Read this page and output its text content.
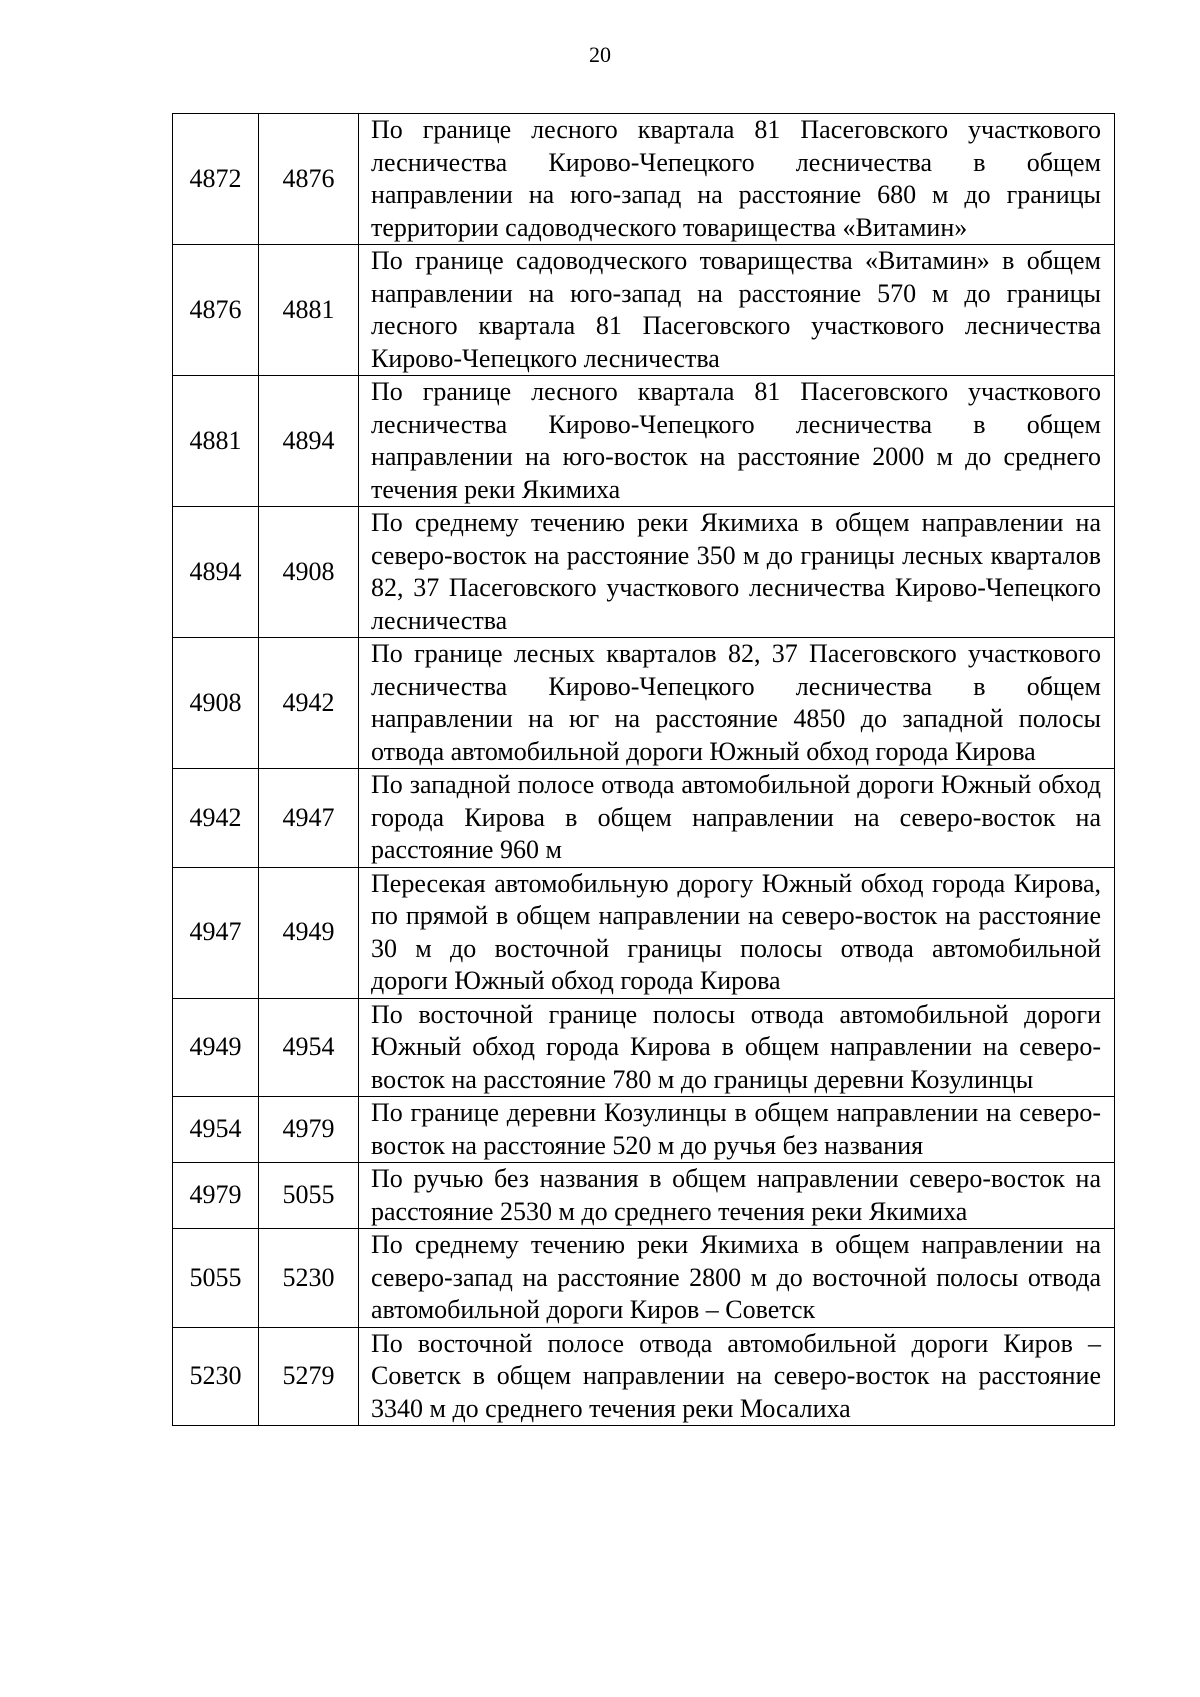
20
4872	4876	По границе лесного квартала 81 Пасеговского участкового лесничества Кирово-Чепецкого лесничества в общем направлении на юго-запад на расстояние 680 м до границы территории садоводческого товарищества «Витамин»
4876	4881	По границе садоводческого товарищества «Витамин» в общем направлении на юго-запад на расстояние 570 м до границы лесного квартала 81 Пасеговского участкового лесничества Кирово-Чепецкого лесничества
4881	4894	По границе лесного квартала 81 Пасеговского участкового лесничества Кирово-Чепецкого лесничества в общем направлении на юго-восток на расстояние 2000 м до среднего течения реки Якимиха
4894	4908	По среднему течению реки Якимиха в общем направлении на северо-восток на расстояние 350 м до границы лесных кварталов 82, 37 Пасеговского участкового лесничества Кирово-Чепецкого лесничества
4908	4942	По границе лесных кварталов 82, 37 Пасеговского участкового лесничества Кирово-Чепецкого лесничества в общем направлении на юг на расстояние 4850 до западной полосы отвода автомобильной дороги Южный обход города Кирова
4942	4947	По западной полосе отвода автомобильной дороги Южный обход города Кирова в общем направлении на северо-восток на расстояние 960 м
4947	4949	Пересекая автомобильную дорогу Южный обход города Кирова, по прямой в общем направлении на северо-восток на расстояние 30 м до восточной границы полосы отвода автомобильной дороги Южный обход города Кирова
4949	4954	По восточной границе полосы отвода автомобильной дороги Южный обход города Кирова в общем направлении на северо-восток на расстояние 780 м до границы деревни Козулинцы
4954	4979	По границе деревни Козулинцы в общем направлении на северо-восток на расстояние 520 м до ручья без названия
4979	5055	По ручью без названия в общем направлении северо-восток на расстояние 2530 м до среднего течения реки Якимиха
5055	5230	По среднему течению реки Якимиха в общем направлении на северо-запад на расстояние 2800 м до восточной полосы отвода автомобильной дороги Киров – Советск
5230	5279	По восточной полосе отвода автомобильной дороги Киров – Советск в общем направлении на северо-восток на расстояние 3340 м до среднего течения реки Мосалиха
